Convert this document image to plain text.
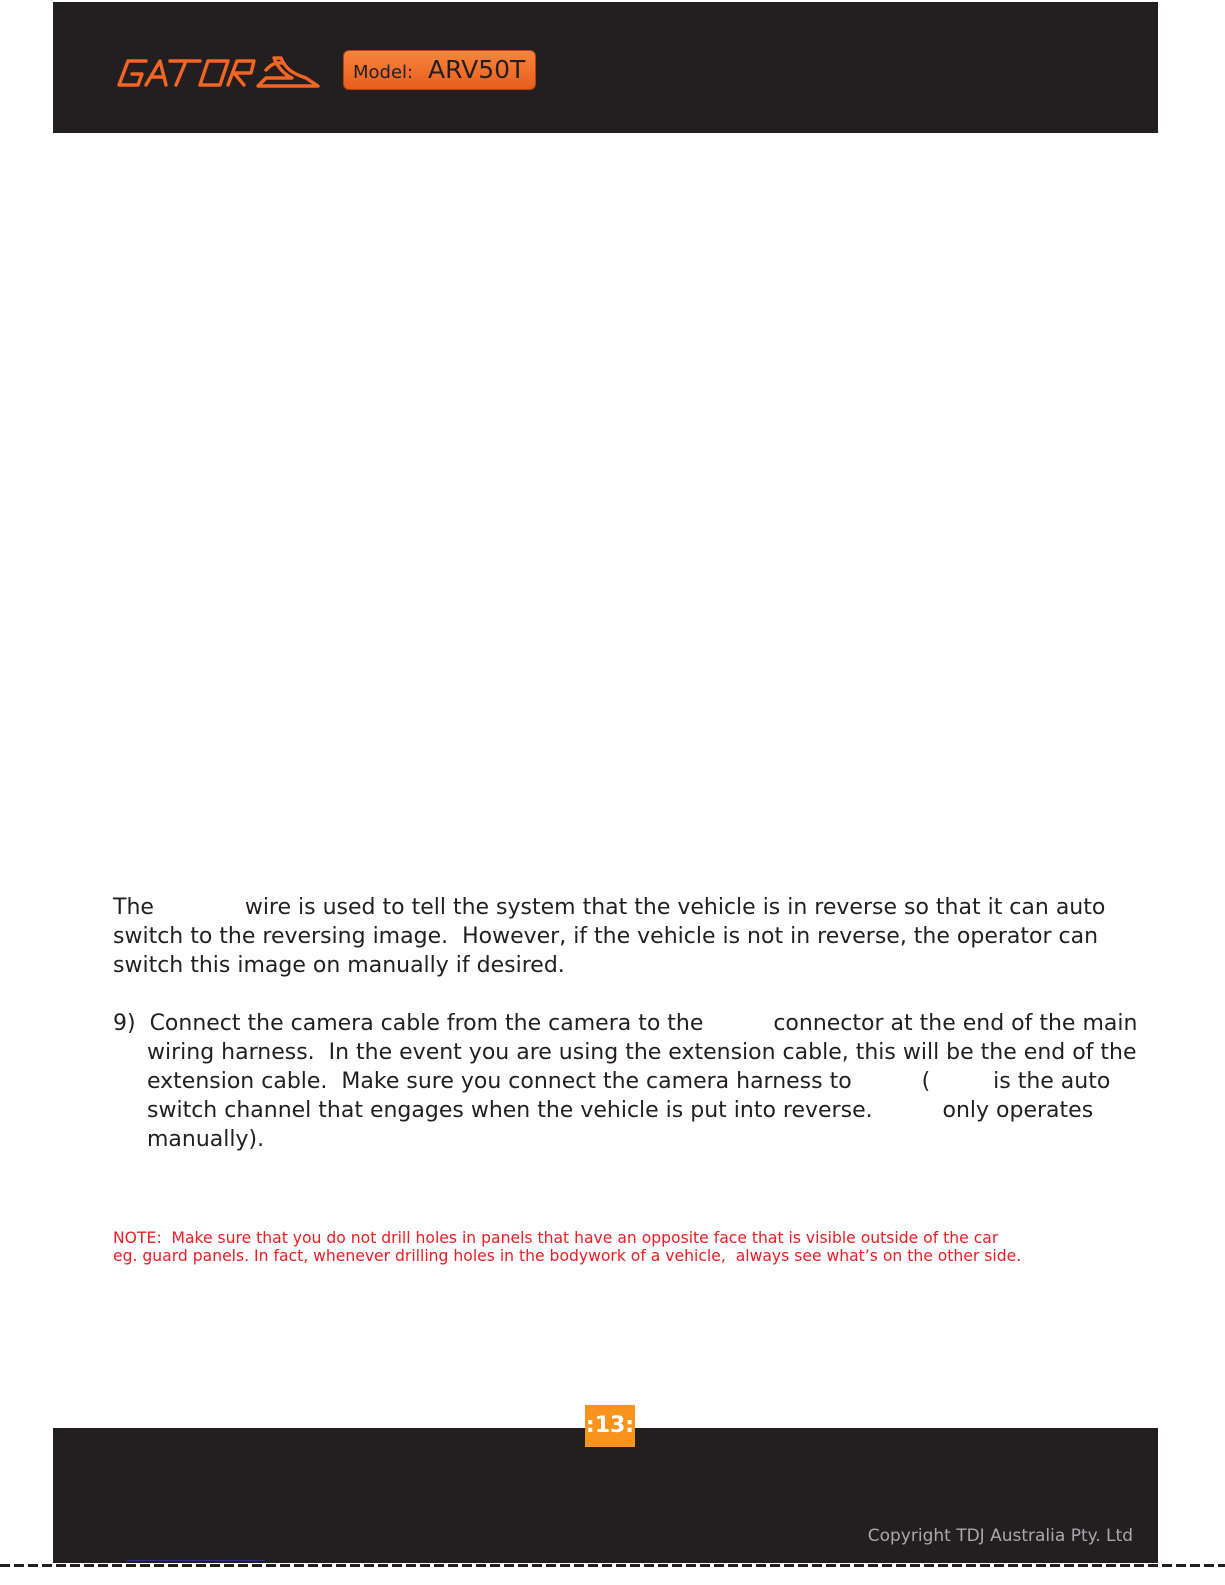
Model: ARV50T
The             wire is used to tell the system that the vehicle is in reverse so that it can auto
switch to the reversing image.  However, if the vehicle is not in reverse, the operator can
switch this image on manually if desired.
9)  Connect the camera cable from the camera to the          connector at the end of the main
wiring harness.  In the event you are using the extension cable, this will be the end of the
extension cable.  Make sure you connect the camera harness to          (         is the auto
switch channel that engages when the vehicle is put into reverse.          only operates
manually).
NOTE:  Make sure that you do not drill holes in panels that have an opposite face that is visible outside of the car
eg. guard panels. In fact, whenever drilling holes in the bodywork of a vehicle,  always see what’s on the other side.
:13:
Copyright TDJ Australia Pty. Ltd
